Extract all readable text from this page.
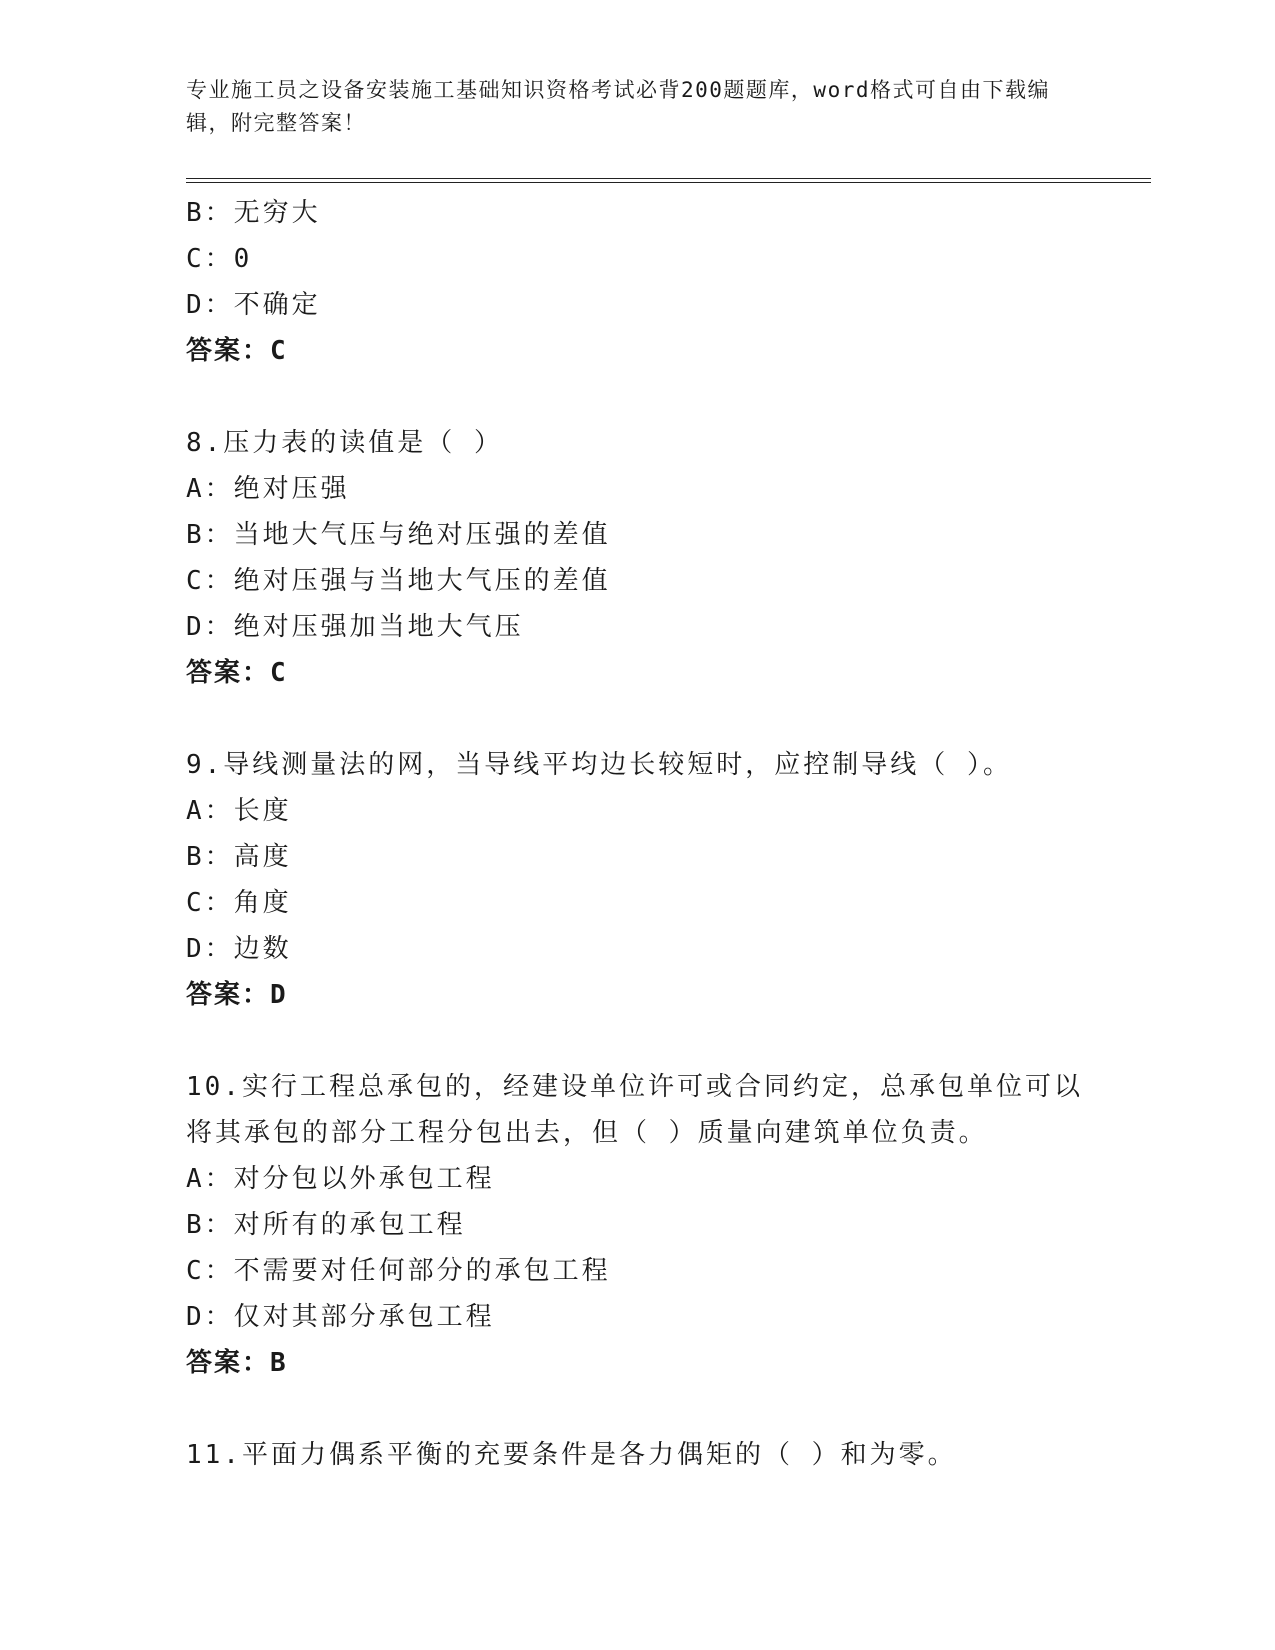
专业施工员之设备安装施工基础知识资格考试必背200题题库，word格式可自由下载编辑，附完整答案！
B：无穷大
C：0
D：不确定
答案：C
8.压力表的读值是（ ）
A：绝对压强
B：当地大气压与绝对压强的差值
C：绝对压强与当地大气压的差值
D：绝对压强加当地大气压
答案：C
9.导线测量法的网，当导线平均边长较短时，应控制导线（ ）。
A：长度
B：高度
C：角度
D：边数
答案：D
10.实行工程总承包的，经建设单位许可或合同约定，总承包单位可以将其承包的部分工程分包出去，但（ ）质量向建筑单位负责。
A：对分包以外承包工程
B：对所有的承包工程
C：不需要对任何部分的承包工程
D：仅对其部分承包工程
答案：B
11.平面力偶系平衡的充要条件是各力偶矩的（ ）和为零。
